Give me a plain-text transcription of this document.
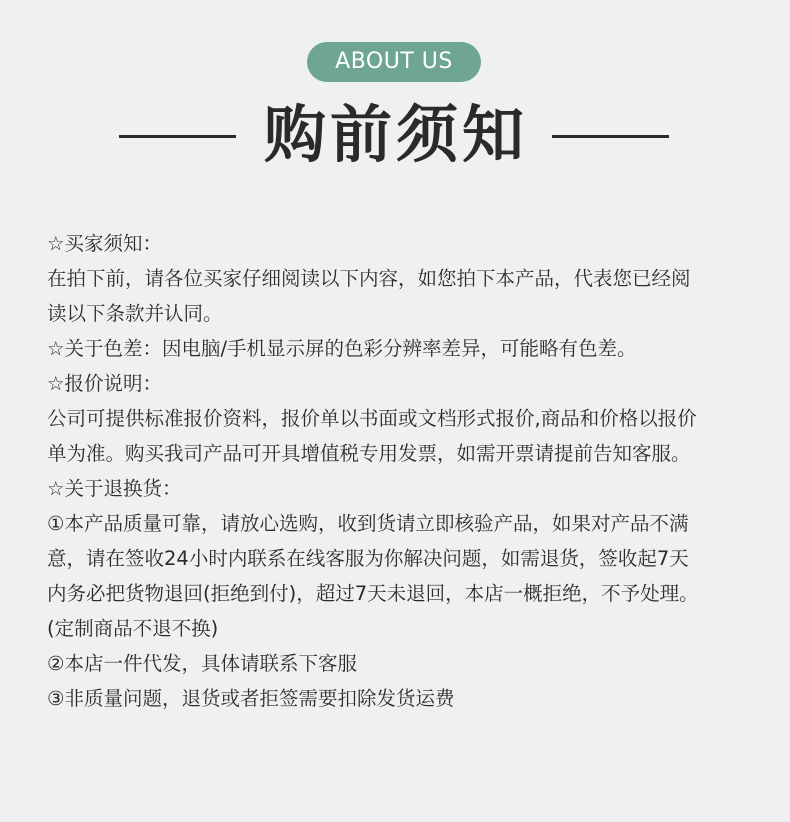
ABOUT US
购前须知
☆买家须知：
在拍下前，请各位买家仔细阅读以下内容，如您拍下本产品，代表您已经阅
读以下条款并认同。
☆关于色差：因电脑/手机显示屏的色彩分辨率差异，可能略有色差。
☆报价说明：
公司可提供标准报价资料，报价单以书面或文档形式报价,商品和价格以报价
单为准。购买我司产品可开具增值税专用发票，如需开票请提前告知客服。
☆关于退换货：
①本产品质量可靠，请放心选购，收到货请立即核验产品，如果对产品不满
意，请在签收24小时内联系在线客服为你解决问题，如需退货，签收起7天
内务必把货物退回(拒绝到付)，超过7天未退回，本店一概拒绝，不予处理。
(定制商品不退不换)
②本店一件代发，具体请联系下客服
③非质量问题，退货或者拒签需要扣除发货运费
